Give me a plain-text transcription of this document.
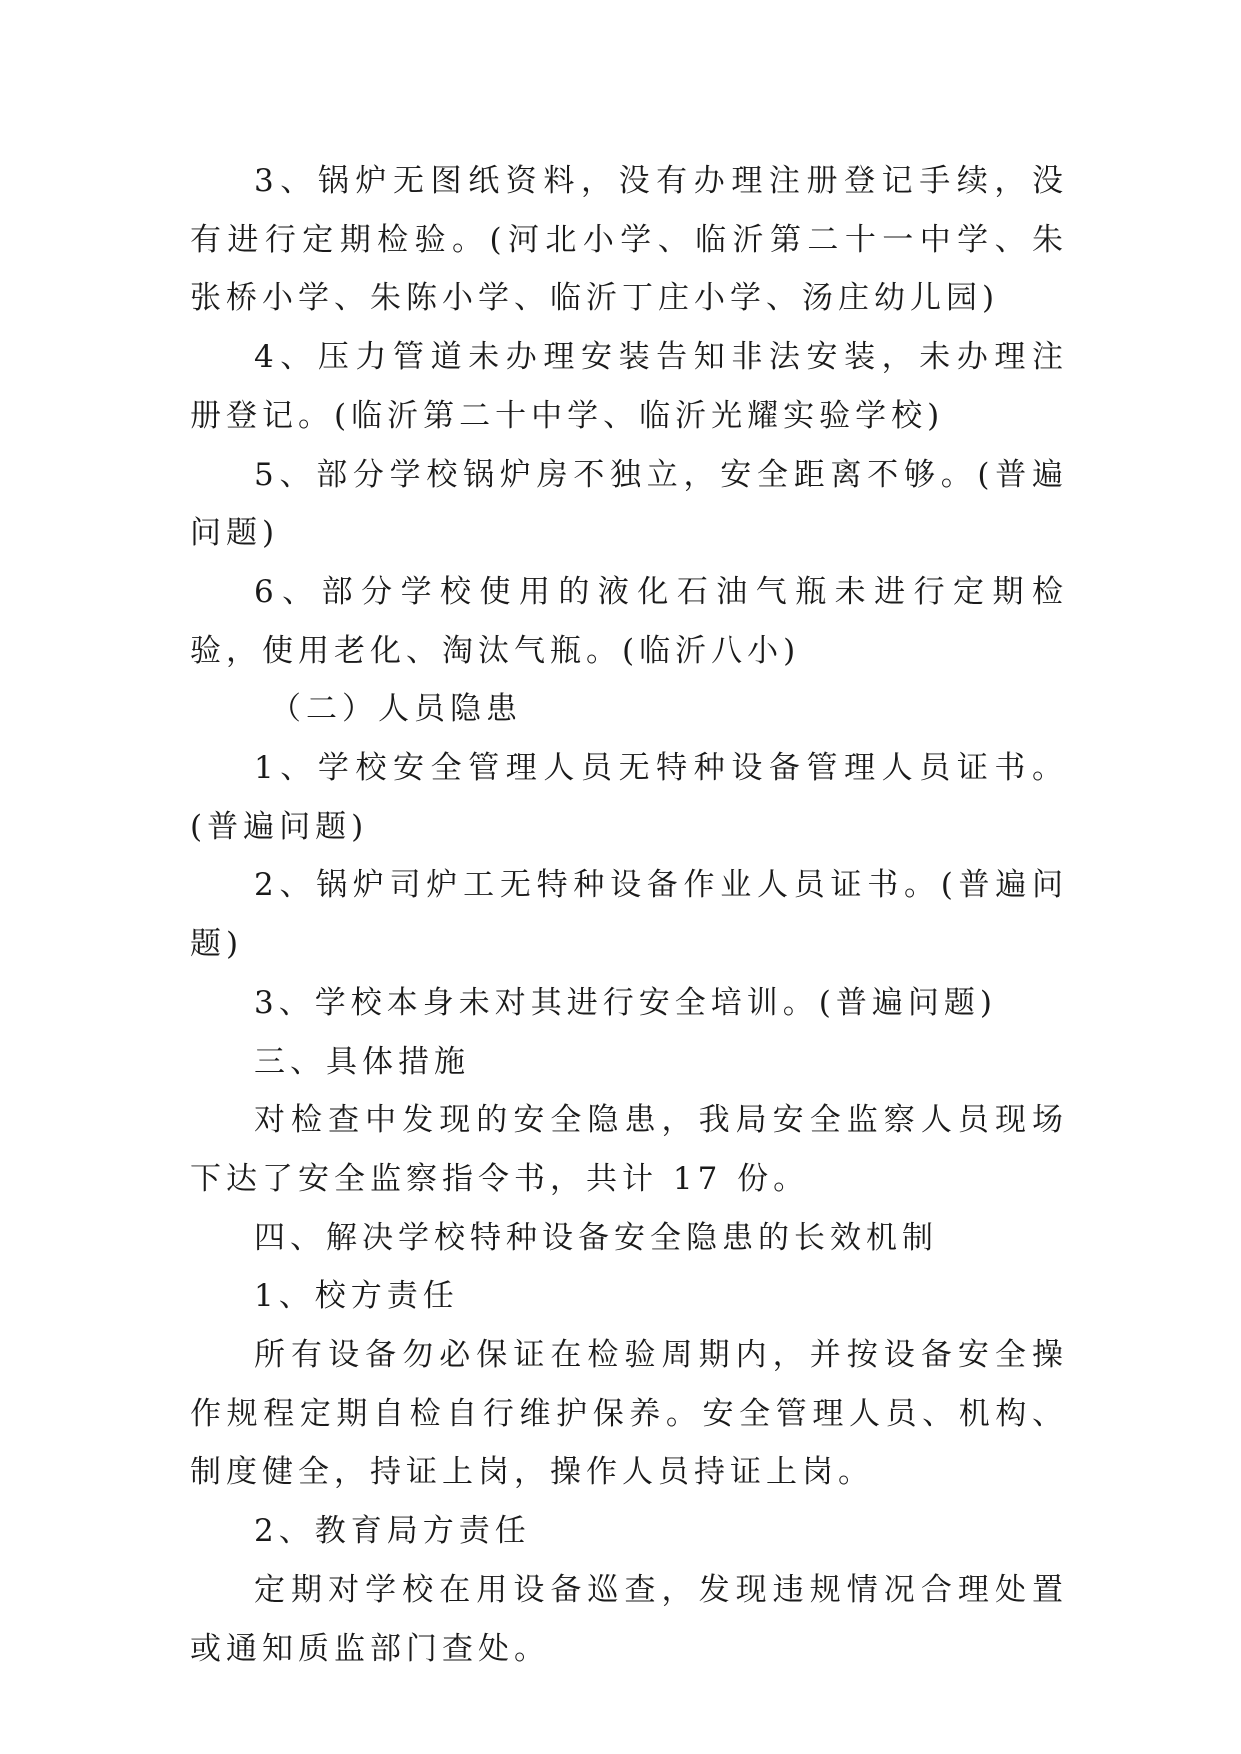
3、锅炉无图纸资料，没有办理注册登记手续，没有进行定期检验。(河北小学、临沂第二十一中学、朱张桥小学、朱陈小学、临沂丁庄小学、汤庄幼儿园)

4、压力管道未办理安装告知非法安装，未办理注册登记。(临沂第二十中学、临沂光耀实验学校)

5、部分学校锅炉房不独立，安全距离不够。(普遍问题)

6、部分学校使用的液化石油气瓶未进行定期检验，使用老化、淘汰气瓶。(临沂八小)

（二）人员隐患

1、学校安全管理人员无特种设备管理人员证书。(普遍问题)

2、锅炉司炉工无特种设备作业人员证书。(普遍问题)

3、学校本身未对其进行安全培训。(普遍问题)

三、具体措施

对检查中发现的安全隐患，我局安全监察人员现场下达了安全监察指令书，共计 17 份。

四、解决学校特种设备安全隐患的长效机制

1、校方责任

所有设备勿必保证在检验周期内，并按设备安全操作规程定期自检自行维护保养。安全管理人员、机构、制度健全，持证上岗，操作人员持证上岗。

2、教育局方责任

定期对学校在用设备巡查，发现违规情况合理处置或通知质监部门查处。
